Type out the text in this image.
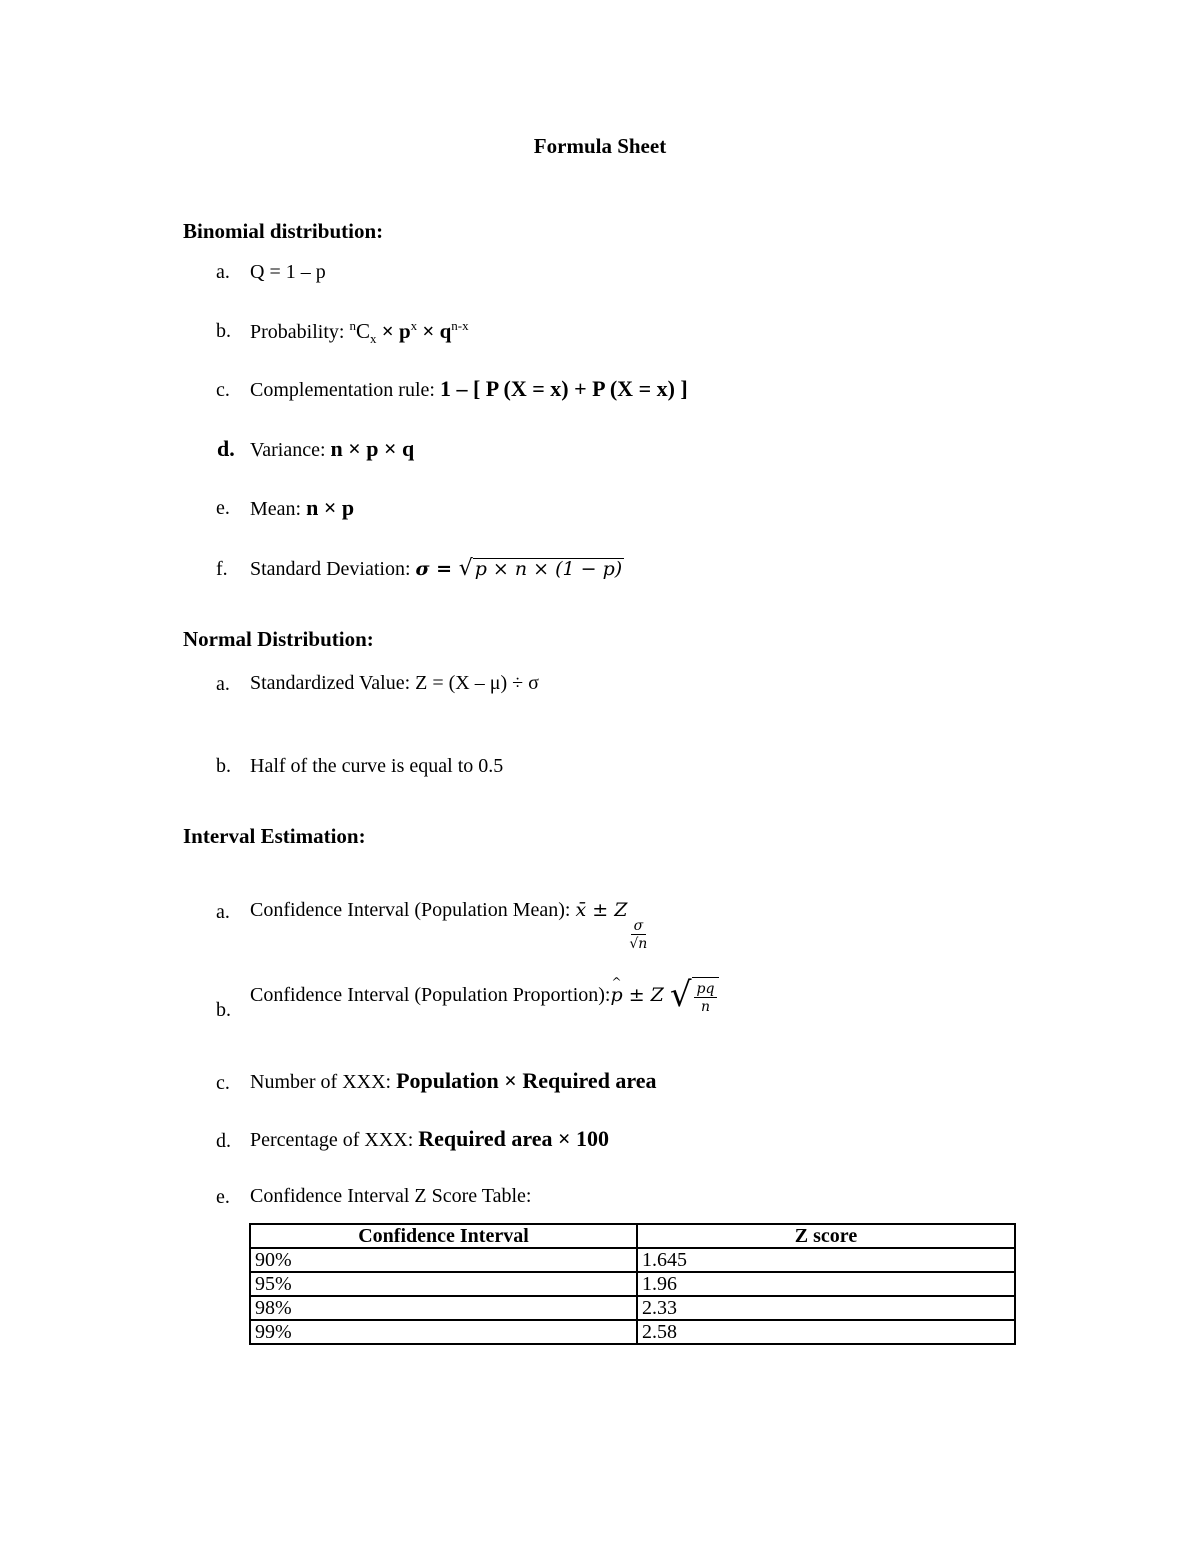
Formula Sheet
Binomial distribution:
a.	Q = 1 – p
b. Probability: $^nC_x \times p^x \times q^{n-x}$
c.	Complementation rule: 1 – [ P (X = x) + P (X = x) ]
d. Variance: n × p × q
e.	Mean: n × p
f.	Standard Deviation: σ = √ p × n × (1 − p)
Normal Distribution:
a.	Standardized Value: Z = (X – μ) ÷ σ
b. Half of the curve is equal to 0.5
Interval Estimation:
a.	Confidence Interval (Population Mean): x̄ ± Z
$\frac{\sigma}{√n}$
b.
Confidence Interval (Population Proportion):p ^ ± Z √ $\frac{pq}{n}$
c.	Number of XXX: Population × Required area
d. Percentage of XXX: Required area × 100
e.	Confidence Interval Z Score Table:
Confidence Interval	Z score
90%	1.645
95%	1.96
98%	2.33
99%	2.58
